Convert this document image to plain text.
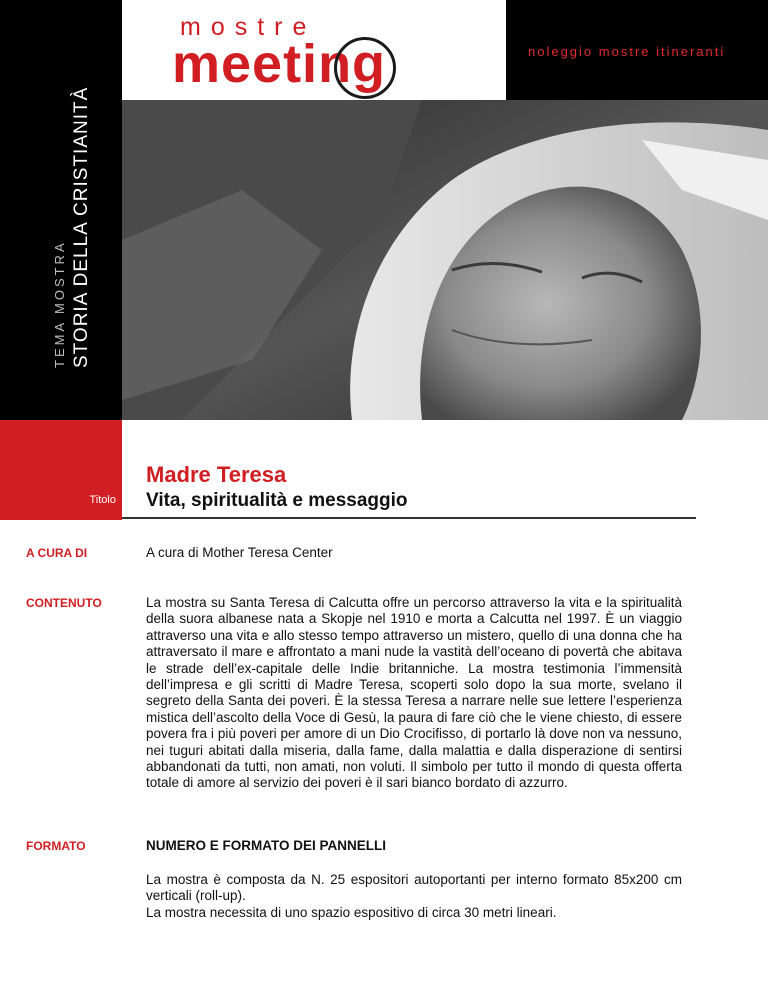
TEMA MOSTRA STORIA DELLA CRISTIANITÀ
mostre
meeting	noleggio mostre itineranti
Madre Teresa
Vita, spiritualità e messaggio
Titolo
A CURA DI	A cura di Mother Teresa Center
CONTENUTO	La mostra su Santa Teresa di Calcutta offre un percorso attraverso la vita e la spiritualità della suora albanese nata a Skopje nel 1910 e morta a Calcutta nel 1997. È un viaggio attraverso una vita e allo stesso tempo attraverso un mistero, quello di una donna che ha attraversato il mare e affrontato a mani nude la vastità dell’oceano di povertà che abitava le strade dell’ex-capitale delle Indie britanniche. La mostra testimonia l’immensità dell’impresa e gli scritti di Madre Teresa, scoperti solo dopo la sua morte, svelano il segreto della Santa dei poveri. È la stessa Teresa a narrare nelle sue lettere l’esperienza mistica dell’ascolto della Voce di Gesù, la paura di fare ciò che le viene chiesto, di essere povera fra i più poveri per amore di un Dio Crocifisso, di portarlo là dove non va nessuno, nei tuguri abitati dalla miseria, dalla fame, dalla malattia e dalla disperazione di sentirsi abbandonati da tutti, non amati, non voluti. Il simbolo per tutto il mondo di questa offerta totale di amore al servizio dei poveri è il sari bianco bordato di azzurro.
FORMATO	NUMERO E FORMATO DEI PANNELLI
La mostra è composta da N. 25 espositori autoportanti per interno formato 85x200 cm verticali (roll-up).
La mostra necessita di uno spazio espositivo di circa 30 metri lineari.
